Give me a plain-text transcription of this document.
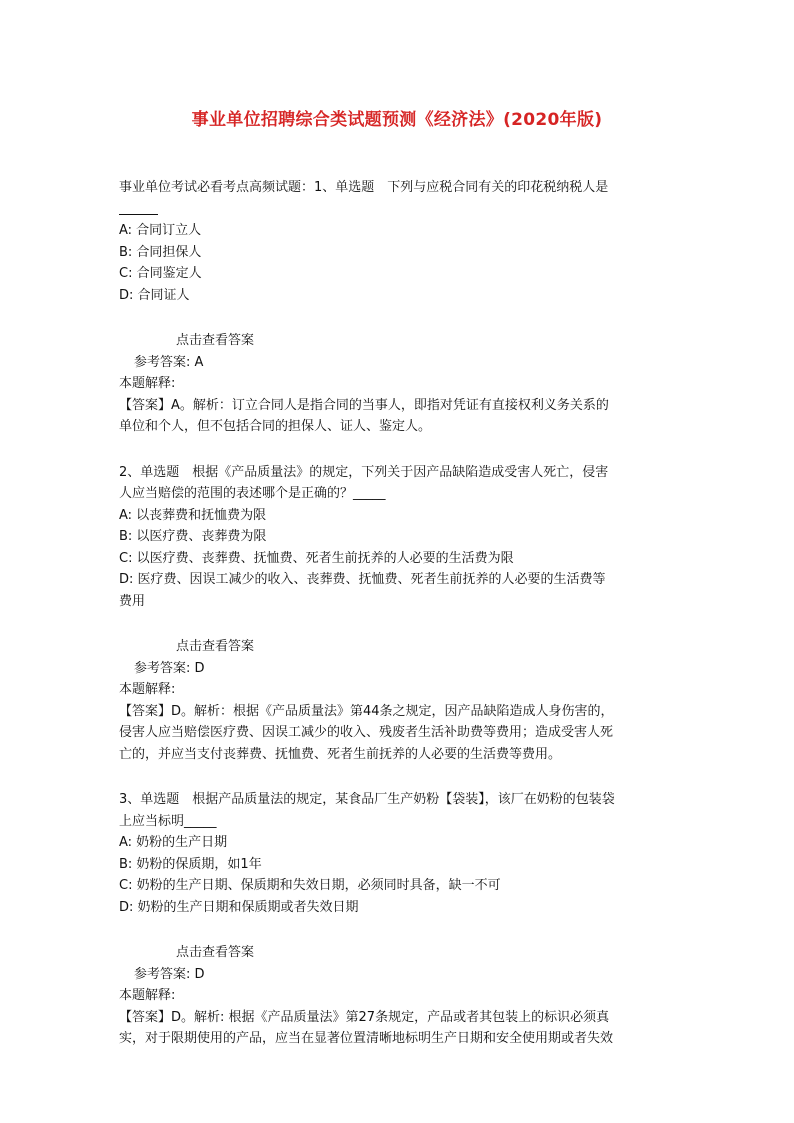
事业单位招聘综合类试题预测《经济法》(2020年版)
事业单位考试必看考点高频试题：1、单选题　下列与应税合同有关的印花税纳税人是
A: 合同订立人
B: 合同担保人
C: 合同鉴定人
D: 合同证人
点击查看答案
参考答案: A
本题解释:
【答案】A。解析：订立合同人是指合同的当事人，即指对凭证有直接权利义务关系的
单位和个人，但不包括合同的担保人、证人、鉴定人。
2、单选题　根据《产品质量法》的规定，下列关于因产品缺陷造成受害人死亡，侵害
人应当赔偿的范围的表述哪个是正确的？_____
A: 以丧葬费和抚恤费为限
B: 以医疗费、丧葬费为限
C: 以医疗费、丧葬费、抚恤费、死者生前抚养的人必要的生活费为限
D: 医疗费、因误工减少的收入、丧葬费、抚恤费、死者生前抚养的人必要的生活费等
费用
点击查看答案
参考答案: D
本题解释:
【答案】D。解析：根据《产品质量法》第44条之规定，因产品缺陷造成人身伤害的，
侵害人应当赔偿医疗费、因误工减少的收入、残废者生活补助费等费用；造成受害人死
亡的，并应当支付丧葬费、抚恤费、死者生前抚养的人必要的生活费等费用。
3、单选题　根据产品质量法的规定，某食品厂生产奶粉【袋装】，该厂在奶粉的包装袋
上应当标明_____
A: 奶粉的生产日期
B: 奶粉的保质期，如1年
C: 奶粉的生产日期、保质期和失效日期，必须同时具备，缺一不可
D: 奶粉的生产日期和保质期或者失效日期
点击查看答案
参考答案: D
本题解释:
【答案】D。解析: 根据《产品质量法》第27条规定，产品或者其包装上的标识必须真
实，对于限期使用的产品，应当在显著位置清晰地标明生产日期和安全使用期或者失效
